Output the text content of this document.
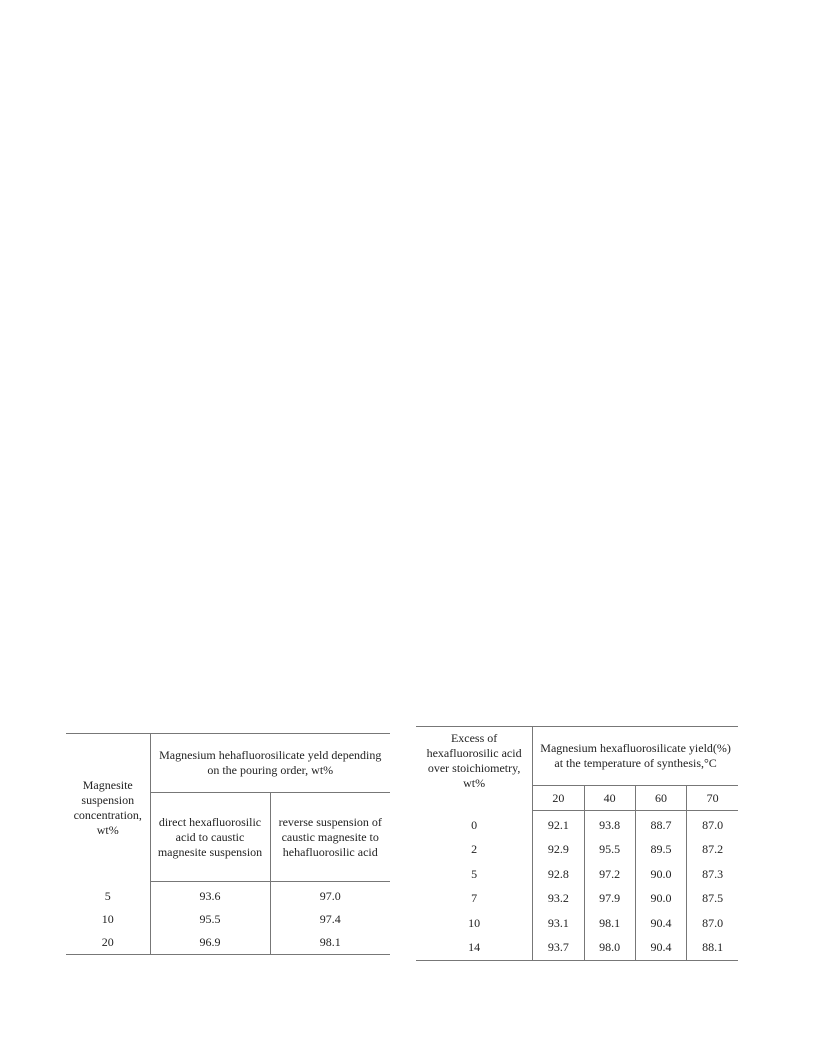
Magnesite suspension concentration, wt%	Magnesium hehafluorosilicate yeld depending on the pouring order, wt%	
	direct hexafluorosilic acid to caustic magnesite suspension	reverse suspension of caustic magnesite to hehafluorosilic acid
5	93.6	97.0
10	95.5	97.4
20	96.9	98.1
Excess of hexafluorosilic acid over stoichiometry, wt%	Magnesium hexafluorosilicate yield(%) at the temperature of synthesis,°C			
	20	40	60	70
0	92.1	93.8	88.7	87.0
2	92.9	95.5	89.5	87.2
5	92.8	97.2	90.0	87.3
7	93.2	97.9	90.0	87.5
10	93.1	98.1	90.4	87.0
14	93.7	98.0	90.4	88.1
